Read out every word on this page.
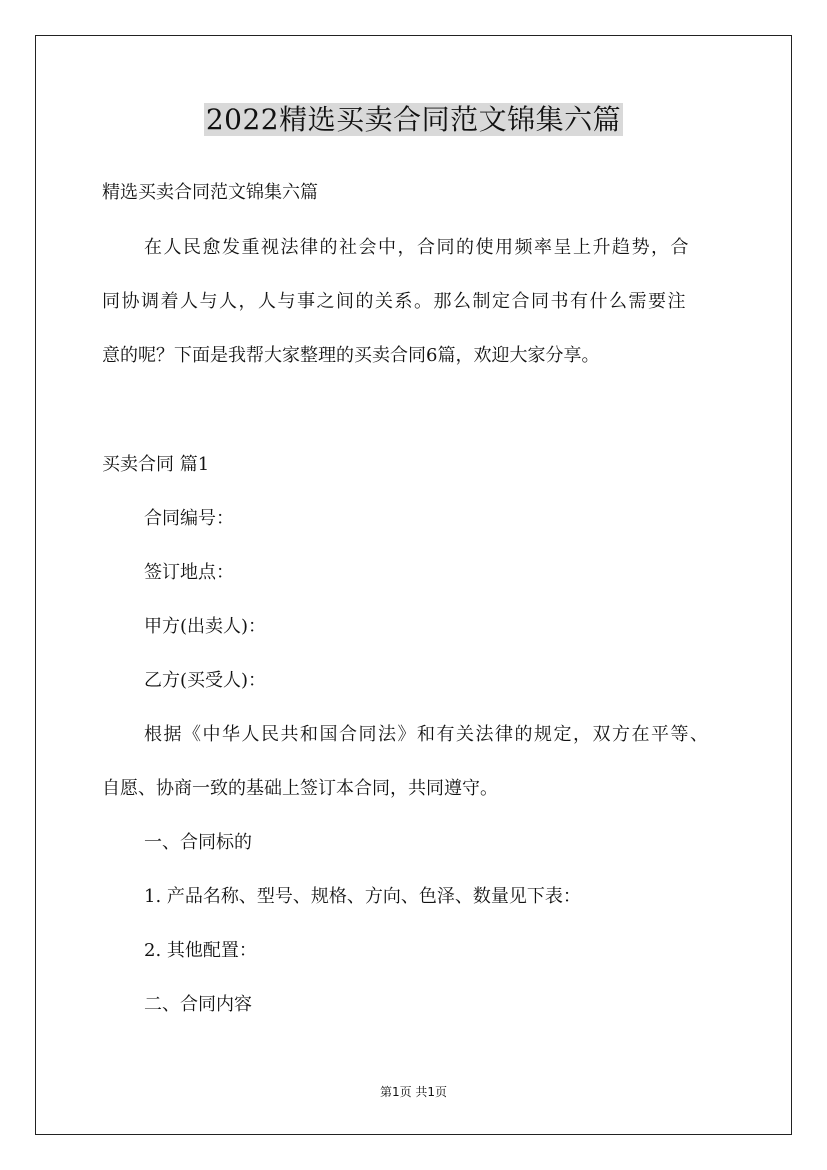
2022精选买卖合同范文锦集六篇
精选买卖合同范文锦集六篇
在人民愈发重视法律的社会中，合同的使用频率呈上升趋势，合
同协调着人与人，人与事之间的关系。那么制定合同书有什么需要注
意的呢？下面是我帮大家整理的买卖合同6篇，欢迎大家分享。
买卖合同 篇1
合同编号：
签订地点：
甲方(出卖人)：
乙方(买受人)：
根据《中华人民共和国合同法》和有关法律的规定，双方在平等、
自愿、协商一致的基础上签订本合同，共同遵守。
一、合同标的
1. 产品名称、型号、规格、方向、色泽、数量见下表：
2. 其他配置：
二、合同内容
第1页 共1页
